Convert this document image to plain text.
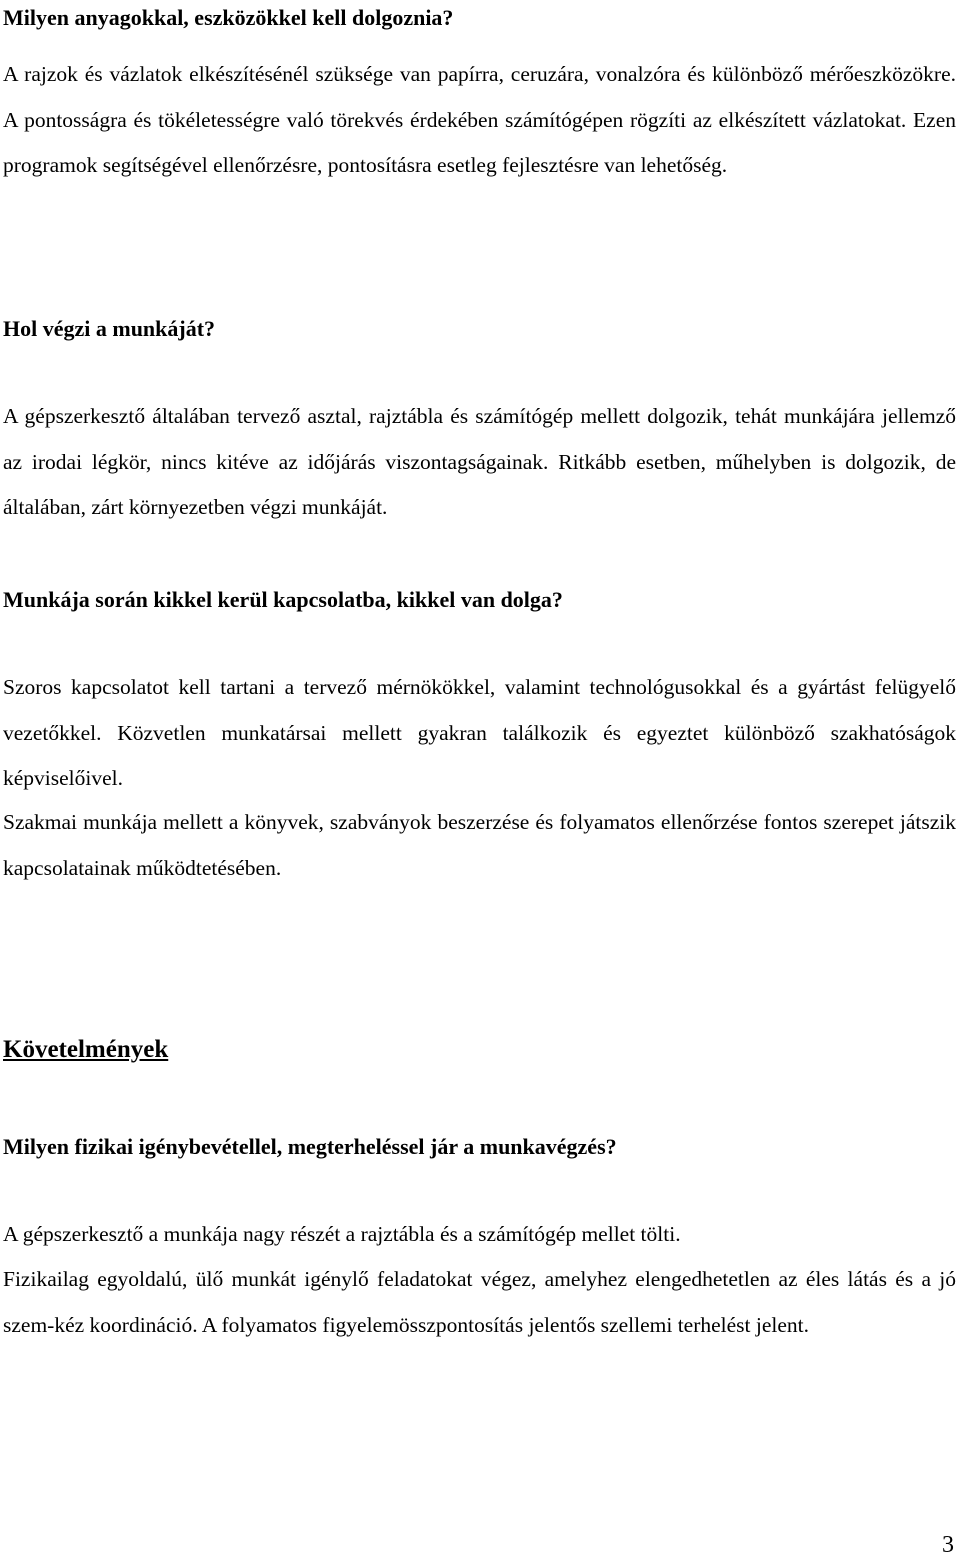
Milyen anyagokkal, eszközökkel kell dolgoznia?

A rajzok és vázlatok elkészítésénél szüksége van papírra, ceruzára, vonalzóra és különböző mérőeszközökre. A pontosságra és tökéletességre való törekvés érdekében számítógépen rögzíti az elkészített vázlatokat. Ezen programok segítségével ellenőrzésre, pontosításra esetleg fejlesztésre van lehetőség.

Hol végzi a munkáját?

A gépszerkesztő általában tervező asztal, rajztábla és számítógép mellett dolgozik, tehát munkájára jellemző az irodai légkör, nincs kitéve az időjárás viszontagságainak. Ritkább esetben, műhelyben is dolgozik, de általában, zárt környezetben végzi munkáját.

Munkája során kikkel kerül kapcsolatba, kikkel van dolga?

Szoros kapcsolatot kell tartani a tervező mérnökökkel, valamint technológusokkal és a gyártást felügyelő vezetőkkel. Közvetlen munkatársai mellett gyakran találkozik és egyeztet különböző szakhatóságok képviselőivel.

Szakmai munkája mellett a könyvek, szabványok beszerzése és folyamatos ellenőrzése fontos szerepet játszik kapcsolatainak működtetésében.

Követelmények
Milyen fizikai igénybevétellel, megterheléssel jár a munkavégzés?

A gépszerkesztő a munkája nagy részét a rajztábla és a számítógép mellet tölti.

Fizikailag egyoldalú, ülő munkát igénylő feladatokat végez, amelyhez elengedhetetlen az éles látás és a jó szem-kéz koordináció. A folyamatos figyelemösszpontosítás jelentős szellemi terhelést jelent.

3
